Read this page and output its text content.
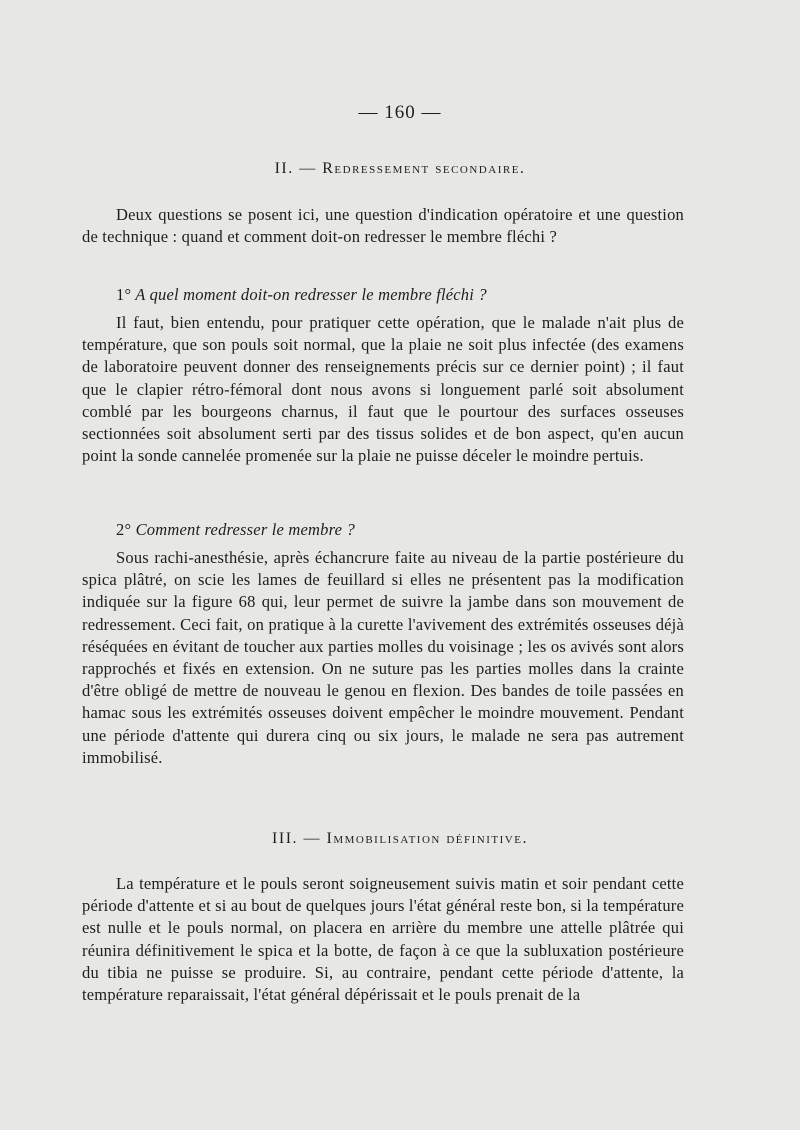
— 160 —
II. — Redressement secondaire.

Deux questions se posent ici, une question d'indication opératoire et une question de technique : quand et comment doit-on redresser le membre fléchi ?

1° A quel moment doit-on redresser le membre fléchi ?

Il faut, bien entendu, pour pratiquer cette opération, que le malade n'ait plus de température, que son pouls soit normal, que la plaie ne soit plus infectée (des examens de laboratoire peuvent donner des renseignements précis sur ce dernier point) ; il faut que le clapier rétro-fémoral dont nous avons si longuement parlé soit absolument comblé par les bourgeons charnus, il faut que le pourtour des surfaces osseuses sectionnées soit absolument serti par des tissus solides et de bon aspect, qu'en aucun point la sonde cannelée promenée sur la plaie ne puisse déceler le moindre pertuis.

2° Comment redresser le membre ?

Sous rachi-anesthésie, après échancrure faite au niveau de la partie postérieure du spica plâtré, on scie les lames de feuillard si elles ne présentent pas la modification indiquée sur la figure 68 qui, leur permet de suivre la jambe dans son mouvement de redressement. Ceci fait, on pratique à la curette l'avivement des extrémités osseuses déjà réséquées en évitant de toucher aux parties molles du voisinage ; les os avivés sont alors rapprochés et fixés en extension. On ne suture pas les parties molles dans la crainte d'être obligé de mettre de nouveau le genou en flexion. Des bandes de toile passées en hamac sous les extrémités osseuses doivent empêcher le moindre mouvement. Pendant une période d'attente qui durera cinq ou six jours, le malade ne sera pas autrement immobilisé.

III. — Immobilisation définitive.

La température et le pouls seront soigneusement suivis matin et soir pendant cette période d'attente et si au bout de quelques jours l'état général reste bon, si la température est nulle et le pouls normal, on placera en arrière du membre une attelle plâtrée qui réunira définitivement le spica et la botte, de façon à ce que la subluxation postérieure du tibia ne puisse se produire. Si, au contraire, pendant cette période d'attente, la température reparaissait, l'état général dépérissait et le pouls prenait de la
